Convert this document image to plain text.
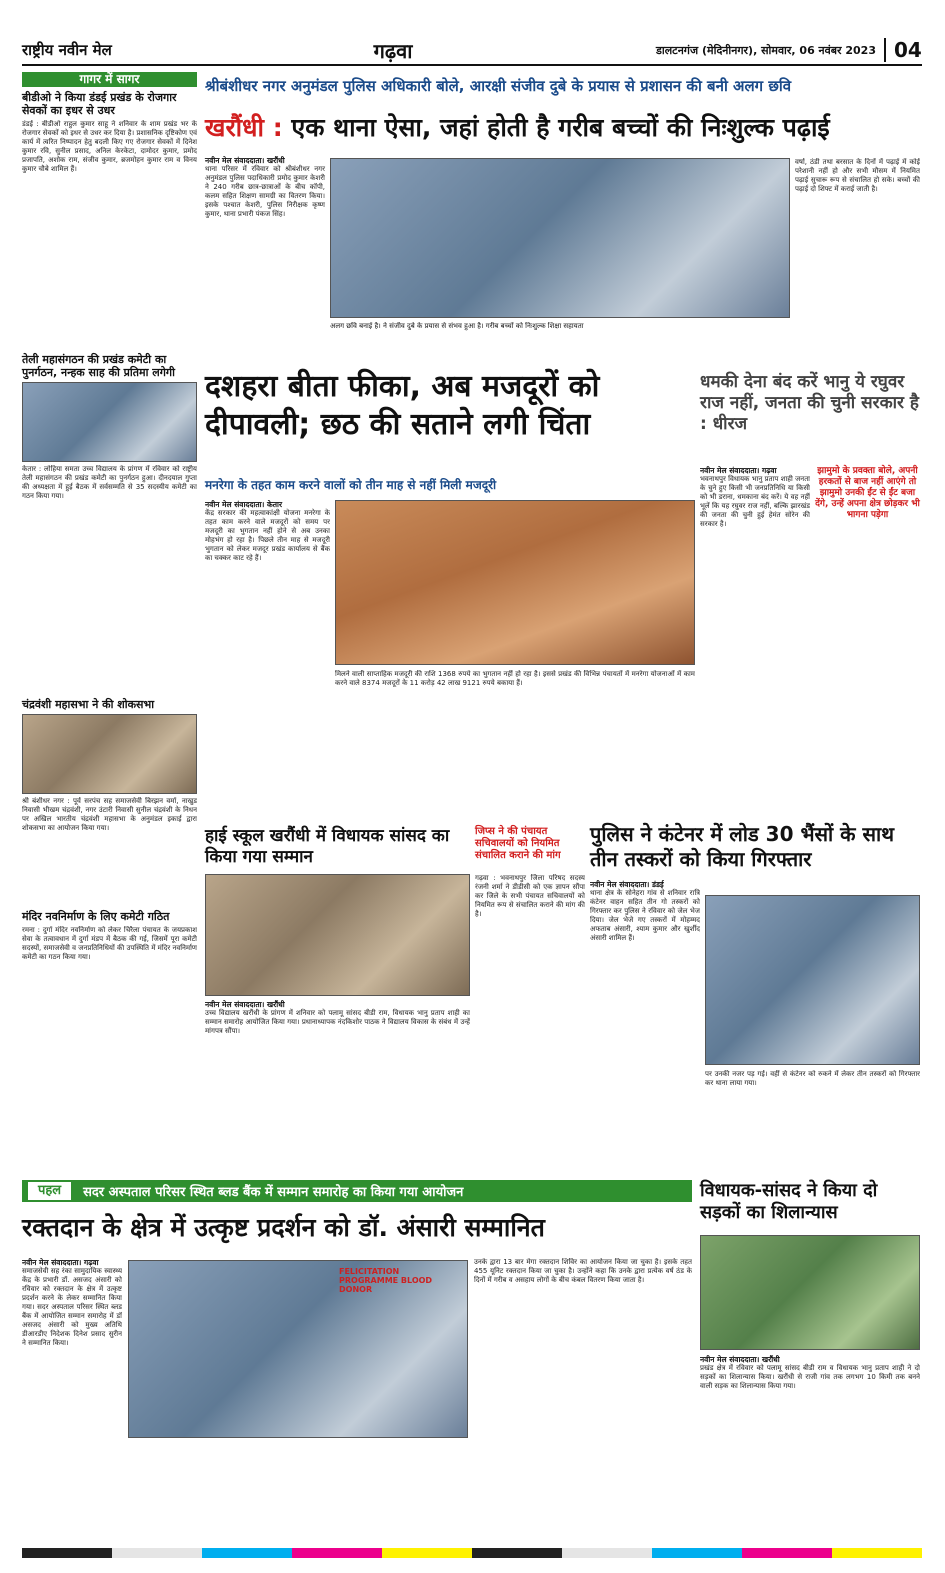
राष्ट्रीय नवीन मेल	गढ़वा	डालटनगंज (मेदिनीनगर), सोमवार, 06 नवंबर 2023 04
गागर में सागर
बीडीओ ने किया डंडई प्रखंड के रोजगार सेवकों का इधर से उधर
डंडई : बीडीओ राहुल कुमार साहू ने शनिवार के शाम प्रखंड भर के रोजगार सेवकों को इधर से उधर कर दिया है। प्रशासनिक दृष्टिकोण एवं कार्य में त्वरित निष्पादन हेतु बदली किए गए रोजगार सेवकों में दिनेश कुमार रवि, सुनील प्रसाद, अनिल केरकेटा, दामोदर कुमार, प्रमोद प्रजापति, अशोक राम, संजीव कुमार, ब्रजमोहन कुमार राम व विनय कुमार चौबे शामिल हैं।
तेली महासंगठन की प्रखंड कमेटी का पुनर्गठन, नन्हक साह की प्रतिमा लगेगी
केतार : लोहिया समता उच्च विद्यालय के प्रांगण में रविवार को राष्ट्रीय तेली महासंगठन की प्रखंड कमेटी का पुनर्गठन हुआ। दीनदयाल गुप्ता की अध्यक्षता में हुई बैठक में सर्वसम्मति से 35 सदस्यीय कमेटी का गठन किया गया।
चंद्रवंशी महासभा ने की शोकसभा
श्री बंशीधर नगर : पूर्व सरपंच सह समाजसेवी बिरझन वर्मा, नाखुड निवासी भीखम चंद्रवंशी, नगर उंटारी निवासी सुनील चंद्रवंशी के निधन पर अखिल भारतीय चंद्रवंशी महासभा के अनुमंडल इकाई द्वारा शोकसभा का आयोजन किया गया।
मंदिर नवनिर्माण के लिए कमेटी गठित
रमना : दुर्गा मंदिर नवनिर्माण को लेकर चिरैला पंचायत के जयप्रकाश सेवा के तत्वावधान में दुर्गा मंडप में बैठक की गई, जिसमें पूरा कमेटी सदस्यों, समाजसेवी व जनप्रतिनिधियों की उपस्थिति में मंदिर नवनिर्माण कमेटी का गठन किया गया।
श्रीबंशीधर नगर अनुमंडल पुलिस अधिकारी बोले, आरक्षी संजीव दुबे के प्रयास से प्रशासन की बनी अलग छवि
खरौंधी : एक थाना ऐसा, जहां होती है गरीब बच्चों की निःशुल्क पढ़ाई
नवीन मेल संवाददाता। खरौंधी
थाना परिसर में रविवार को श्रीबंशीधर नगर अनुमंडल पुलिस पदाधिकारी प्रमोद कुमार केशरी ने 240 गरीब छात्र-छात्राओं के बीच कॉपी, कलम सहित शिक्षण सामग्री का वितरण किया। इसके पश्चात केशरी, पुलिस निरीक्षक कृष्ण कुमार, थाना प्रभारी पंकज सिंह।
अलग छवि बनाई है। ने संजीव दुबे के प्रयास से संभव हुआ है। गरीब बच्चों को निःशुल्क शिक्षा सहायता
वर्षा, ठंडी तथा बरसात के दिनों में पढ़ाई में कोई परेशानी नहीं हो और सभी मौसम में नियमित पढ़ाई सुचारू रूप से संचालित हो सके। बच्चों की पढ़ाई दो शिफ्ट में कराई जाती है।
दशहरा बीता फीका, अब मजदूरों को दीपावली; छठ की सताने लगी चिंता
मनरेगा के तहत काम करने वालों को तीन माह से नहीं मिली मजदूरी
नवीन मेल संवाददाता। केतार
केंद्र सरकार की महत्वाकांक्षी योजना मनरेगा के तहत काम करने वाले मजदूरों को समय पर मजदूरी का भुगतान नहीं होने से अब उनका मोहभंग हो रहा है। पिछले तीन माह से मजदूरी भुगतान को लेकर मजदूर प्रखंड कार्यालय से बैंक का चक्कर काट रहे हैं।
मिलने वाली साप्ताहिक मजदूरी की राशि 1368 रुपये का भुगतान नहीं हो रहा है। इससे प्रखंड की विभिन्न पंचायतों में मनरेगा योजनाओं में काम करने वाले 8374 मजदूरों के 11 करोड़ 42 लाख 9121 रुपये बकाया हैं।
धमकी देना बंद करें भानु ये रघुवर राज नहीं, जनता की चुनी सरकार है : धीरज
नवीन मेल संवाददाता। गढ़वा
भवनाथपुर विधायक भानु प्रताप शाही जनता के चुने हुए किसी भी जनप्रतिनिधि या किसी को भी डराना, धमकाना बंद करें। ये वह नहीं भूलें कि यह रघुवर राज नहीं, बल्कि झारखंड की जनता की चुनी हुई हेमंत सोरेन की सरकार है।
झामुमो के प्रवक्ता बोले, अपनी हरकतों से बाज नहीं आएंगे तो झामुमो उनकी ईंट से ईंट बजा देंगे, उन्हें अपना क्षेत्र छोड़कर भी भागना पड़ेगा
हाई स्कूल खरौंधी में विधायक सांसद का किया गया सम्मान
नवीन मेल संवाददाता। खरौंधी
उच्च विद्यालय खरौंधी के प्रांगण में शनिवार को पलामू सांसद बीडी राम, विधायक भानु प्रताप शाही का सम्मान समारोह आयोजित किया गया। प्रधानाध्यापक नंदकिशोर पाठक ने विद्यालय विकास के संबंध में उन्हें मांगपत्र सौंपा।
जिप्स ने की पंचायत सचिवालयों को नियमित संचालित कराने की मांग
गढ़वा : भवनाथपुर जिला परिषद सदस्य रंजनी शर्मा ने डीडीसी को एक ज्ञापन सौंपा कर जिले के सभी पंचायत सचिवालयों को नियमित रूप से संचालित कराने की मांग की है।
पुलिस ने कंटेनर में लोड 30 भैंसों के साथ तीन तस्करों को किया गिरफ्तार
नवीन मेल संवाददाता। डंडई
थाना क्षेत्र के सोनेहरा गांव से शनिवार रात्रि कंटेनर वाहन सहित तीन गो तस्करों को गिरफ्तार कर पुलिस ने रविवार को जेल भेज दिया। जेल भेजे गए तस्करों में मोहम्मद अफताब अंसारी, श्याम कुमार और खुर्शीद अंसारी शामिल हैं।
पर उनकी नजर पड़ गई। वहीं से कंटेनर को रुकने में लेकर तीन तस्करों को गिरफ्तार कर थाना लाया गया।
पहल	सदर अस्पताल परिसर स्थित ब्लड बैंक में सम्मान समारोह का किया गया आयोजन
रक्तदान के क्षेत्र में उत्कृष्ट प्रदर्शन को डॉ. अंसारी सम्मानित
नवीन मेल संवाददाता। गढ़वा
समाजसेवी सह रंका सामुदायिक स्वास्थ्य केंद्र के प्रभारी डॉ. असजद अंसारी को रविवार को रक्तदान के क्षेत्र में उत्कृष्ट प्रदर्शन करने के लेकर सम्मानित किया गया। सदर अस्पताल परिसर स्थित ब्लड बैंक में आयोजित सम्मान समारोह में डॉ असजद अंसारी को मुख्य अतिथि डीआरडीए निदेशक दिनेश प्रसाद सुरीन ने सम्मानित किया।
FELICITATION PROGRAMME BLOOD DONOR
उनके द्वारा 13 बार मेगा रक्तदान शिविर का आयोजन किया जा चुका है। इसके तहत 455 यूनिट रक्तदान किया जा चुका है। उन्होंने कहा कि उनके द्वारा प्रत्येक वर्ष ठंड के दिनों में गरीब व असहाय लोगों के बीच कंबल वितरण किया जाता है।
विधायक-सांसद ने किया दो सड़कों का शिलान्यास
नवीन मेल संवाददाता। खरौंधी
प्रखंड क्षेत्र में रविवार को पलामू सांसद बीडी राम व विधायक भानु प्रताप शाही ने दो सड़कों का शिलान्यास किया। खरौंधी से राजी गांव तक लगभग 10 किमी तक बनने वाली सड़क का शिलान्यास किया गया।
